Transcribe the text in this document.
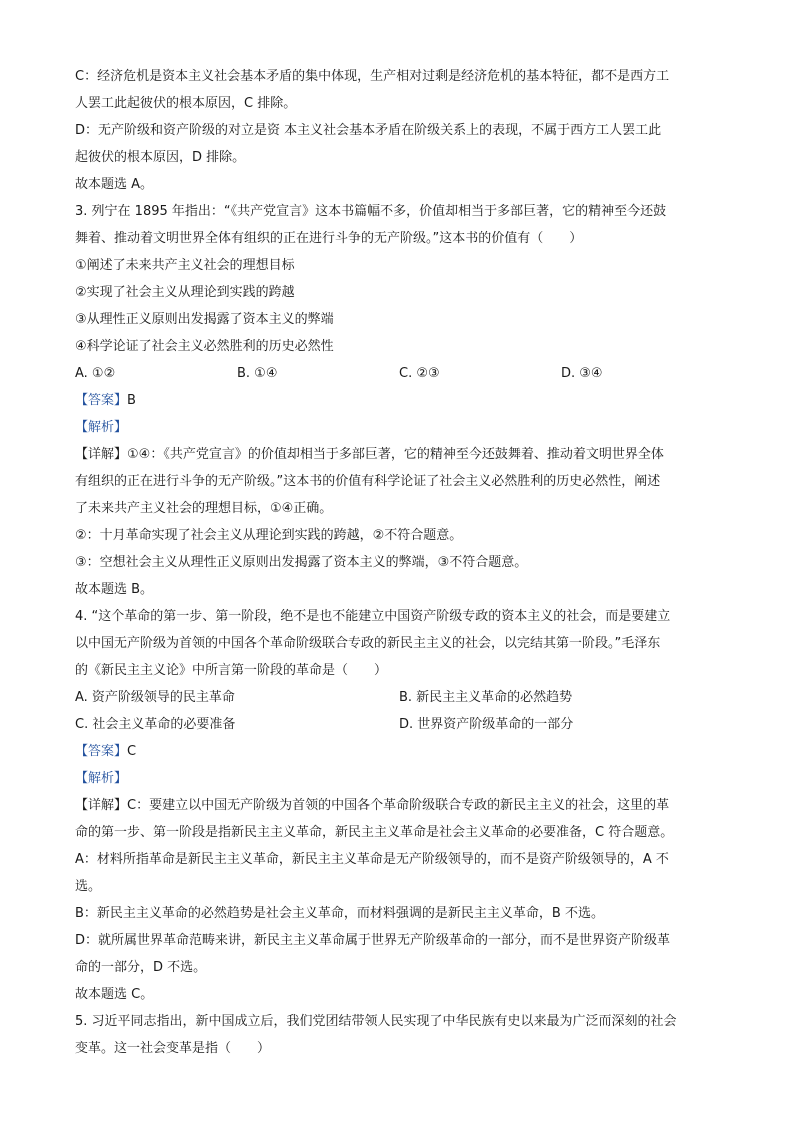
C：经济危机是资本主义社会基本矛盾的集中体现，生产相对过剩是经济危机的基本特征，都不是西方工
人罢工此起彼伏的根本原因，C 排除。
D：无产阶级和资产阶级的对立是资 本主义社会基本矛盾在阶级关系上的表现，不属于西方工人罢工此
起彼伏的根本原因，D 排除。
故本题选 A。
3. 列宁在 1895 年指出：“《共产党宣言》这本书篇幅不多，价值却相当于多部巨著，它的精神至今还鼓
舞着、推动着文明世界全体有组织的正在进行斗争的无产阶级。”这本书的价值有（　　）
①阐述了未来共产主义社会的理想目标
②实现了社会主义从理论到实践的跨越
③从理性正义原则出发揭露了资本主义的弊端
④科学论证了社会主义必然胜利的历史必然性
A. ①②	B. ①④	C. ②③	D. ③④
【答案】B
【解析】
【详解】①④：《共产党宣言》的价值却相当于多部巨著，它的精神至今还鼓舞着、推动着文明世界全体
有组织的正在进行斗争的无产阶级。”这本书的价值有科学论证了社会主义必然胜利的历史必然性，阐述
了未来共产主义社会的理想目标，①④正确。
②：十月革命实现了社会主义从理论到实践的跨越，②不符合题意。
③：空想社会主义从理性正义原则出发揭露了资本主义的弊端，③不符合题意。
故本题选 B。
4. “这个革命的第一步、第一阶段，绝不是也不能建立中国资产阶级专政的资本主义的社会，而是要建立
以中国无产阶级为首领的中国各个革命阶级联合专政的新民主主义的社会，以完结其第一阶段。”毛泽东
的《新民主主义论》中所言第一阶段的革命是（　　）
A. 资产阶级领导的民主革命	B. 新民主主义革命的必然趋势
C. 社会主义革命的必要准备	D. 世界资产阶级革命的一部分
【答案】C
【解析】
【详解】C：要建立以中国无产阶级为首领的中国各个革命阶级联合专政的新民主主义的社会，这里的革
命的第一步、第一阶段是指新民主主义革命，新民主主义革命是社会主义革命的必要准备，C 符合题意。
A：材料所指革命是新民主主义革命，新民主主义革命是无产阶级领导的，而不是资产阶级领导的，A 不
选。
B：新民主主义革命的必然趋势是社会主义革命，而材料强调的是新民主主义革命，B 不选。
D：就所属世界革命范畴来讲，新民主主义革命属于世界无产阶级革命的一部分，而不是世界资产阶级革
命的一部分，D 不选。
故本题选 C。
5. 习近平同志指出，新中国成立后，我们党团结带领人民实现了中华民族有史以来最为广泛而深刻的社会
变革。这一社会变革是指（　　）
